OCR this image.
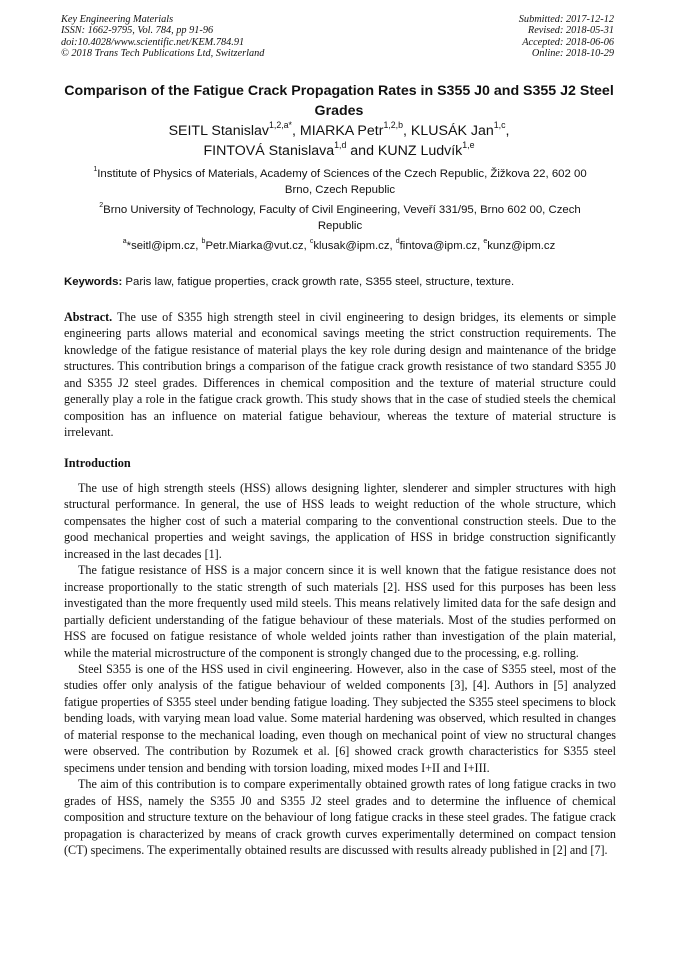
Key Engineering Materials
ISSN: 1662-9795, Vol. 784, pp 91-96
doi:10.4028/www.scientific.net/KEM.784.91
© 2018 Trans Tech Publications Ltd, Switzerland
Submitted: 2017-12-12
Revised: 2018-05-31
Accepted: 2018-06-06
Online: 2018-10-29
Comparison of the Fatigue Crack Propagation Rates in S355 J0 and S355 J2 Steel Grades
SEITL Stanislav$^{1,2,a*}$, MIARKA Petr$^{1,2,b}$, KLUSÁK Jan$^{1,c}$,
FINTOVÁ Stanislava$^{1,d}$ and KUNZ Ludvík$^{1,e}$
$^1$Institute of Physics of Materials, Academy of Sciences of the Czech Republic, Žižkova 22, 602 00 Brno, Czech Republic
$^2$Brno University of Technology, Faculty of Civil Engineering, Veveří 331/95, Brno 602 00, Czech Republic
$^a$*seitl@ipm.cz, $^b$Petr.Miarka@vut.cz, $^c$klusak@ipm.cz, $^d$fintova@ipm.cz, $^e$kunz@ipm.cz
Keywords: Paris law, fatigue properties, crack growth rate, S355 steel, structure, texture.
Abstract. The use of S355 high strength steel in civil engineering to design bridges, its elements or simple engineering parts allows material and economical savings meeting the strict construction requirements. The knowledge of the fatigue resistance of material plays the key role during design and maintenance of the bridge structures. This contribution brings a comparison of the fatigue crack growth resistance of two standard S355 J0 and S355 J2 steel grades. Differences in chemical composition and the texture of material structure could generally play a role in the fatigue crack growth. This study shows that in the case of studied steels the chemical composition has an influence on material fatigue behaviour, whereas the texture of material structure is irrelevant.
Introduction

The use of high strength steels (HSS) allows designing lighter, slenderer and simpler structures with high structural performance. In general, the use of HSS leads to weight reduction of the whole structure, which compensates the higher cost of such a material comparing to the conventional construction steels. Due to the good mechanical properties and weight savings, the application of HSS in bridge construction significantly increased in the last decades [1].

The fatigue resistance of HSS is a major concern since it is well known that the fatigue resistance does not increase proportionally to the static strength of such materials [2]. HSS used for this purposes has been less investigated than the more frequently used mild steels. This means relatively limited data for the safe design and partially deficient understanding of the fatigue behaviour of these materials. Most of the studies performed on HSS are focused on fatigue resistance of whole welded joints rather than investigation of the plain material, while the material microstructure of the component is strongly changed due to the processing, e.g. rolling.

Steel S355 is one of the HSS used in civil engineering. However, also in the case of S355 steel, most of the studies offer only analysis of the fatigue behaviour of welded components [3], [4]. Authors in [5] analyzed fatigue properties of S355 steel under bending fatigue loading. They subjected the S355 steel specimens to block bending loads, with varying mean load value. Some material hardening was observed, which resulted in changes of material response to the mechanical loading, even though on mechanical point of view no structural changes were observed. The contribution by Rozumek et al. [6] showed crack growth characteristics for S355 steel specimens under tension and bending with torsion loading, mixed modes I+II and I+III.

The aim of this contribution is to compare experimentally obtained growth rates of long fatigue cracks in two grades of HSS, namely the S355 J0 and S355 J2 steel grades and to determine the influence of chemical composition and structure texture on the behaviour of long fatigue cracks in these steel grades. The fatigue crack propagation is characterized by means of crack growth curves experimentally determined on compact tension (CT) specimens. The experimentally obtained results are discussed with results already published in [2] and [7].
